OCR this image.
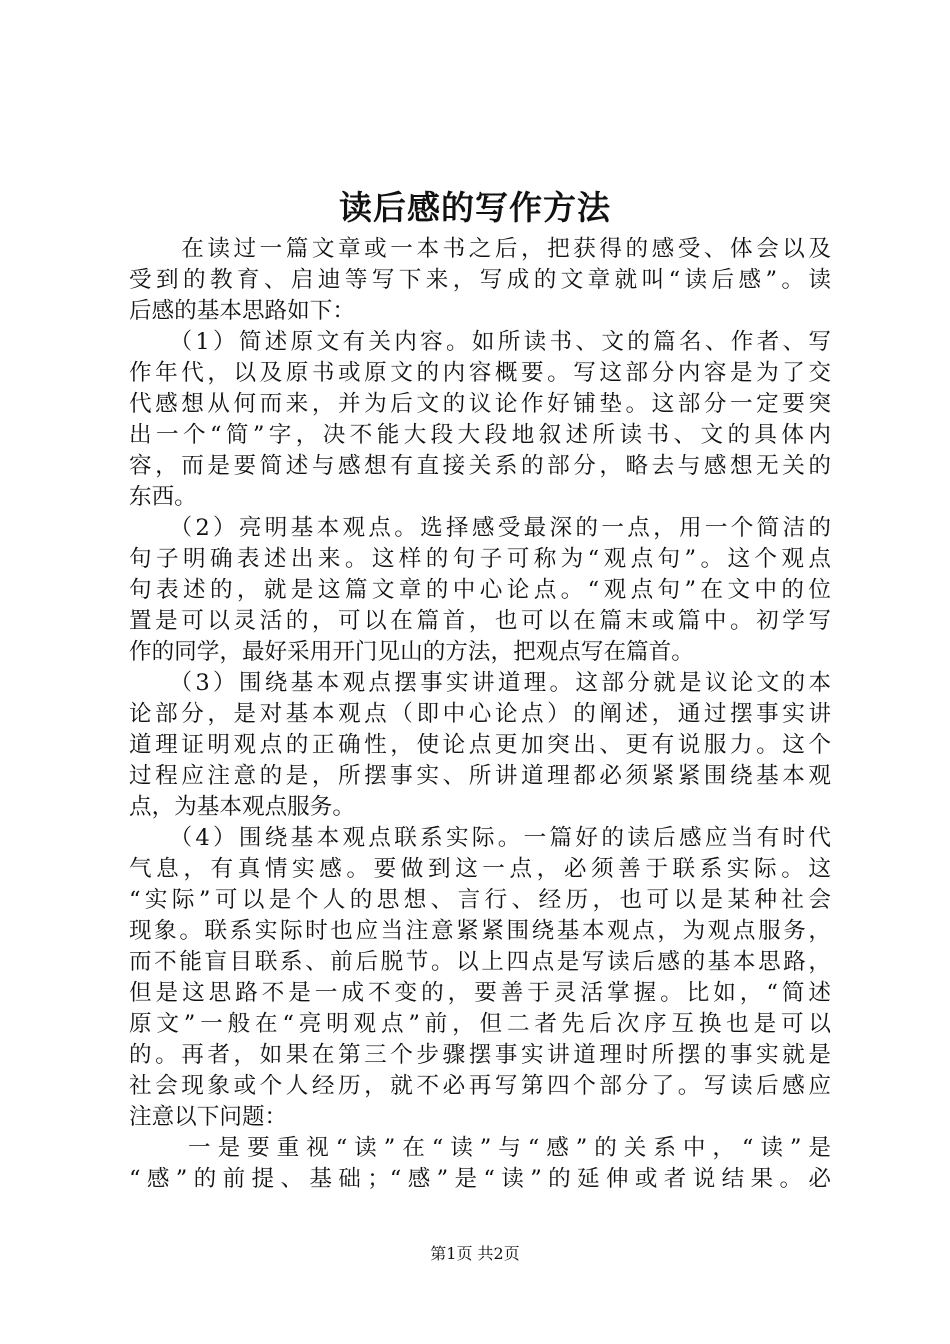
读后感的写作方法
　　在读过一篇文章或一本书之后，把获得的感受、体会以及
受到的教育、启迪等写下来，写成的文章就叫“读后感”。读
后感的基本思路如下：
　　（1）简述原文有关内容。如所读书、文的篇名、作者、写
作年代，以及原书或原文的内容概要。写这部分内容是为了交
代感想从何而来，并为后文的议论作好铺垫。这部分一定要突
出一个“简”字，决不能大段大段地叙述所读书、文的具体内
容，而是要简述与感想有直接关系的部分，略去与感想无关的
东西。
　　（2）亮明基本观点。选择感受最深的一点，用一个简洁的
句子明确表述出来。这样的句子可称为“观点句”。这个观点
句表述的，就是这篇文章的中心论点。“观点句”在文中的位
置是可以灵活的，可以在篇首，也可以在篇末或篇中。初学写
作的同学，最好采用开门见山的方法，把观点写在篇首。
　　（3）围绕基本观点摆事实讲道理。这部分就是议论文的本
论部分，是对基本观点（即中心论点）的阐述，通过摆事实讲
道理证明观点的正确性，使论点更加突出、更有说服力。这个
过程应注意的是，所摆事实、所讲道理都必须紧紧围绕基本观
点，为基本观点服务。
　　（4）围绕基本观点联系实际。一篇好的读后感应当有时代
气息，有真情实感。要做到这一点，必须善于联系实际。这
“实际”可以是个人的思想、言行、经历，也可以是某种社会
现象。联系实际时也应当注意紧紧围绕基本观点，为观点服务，
而不能盲目联系、前后脱节。以上四点是写读后感的基本思路，
但是这思路不是一成不变的，要善于灵活掌握。比如，“简述
原文”一般在“亮明观点”前，但二者先后次序互换也是可以
的。再者，如果在第三个步骤摆事实讲道理时所摆的事实就是
社会现象或个人经历，就不必再写第四个部分了。写读后感应
注意以下问题：
　　一是要重视“读”在“读”与“感”的关系中，“读”是
“感”的前提、基础；“感”是“读”的延伸或者说结果。必
第1页 共2页
